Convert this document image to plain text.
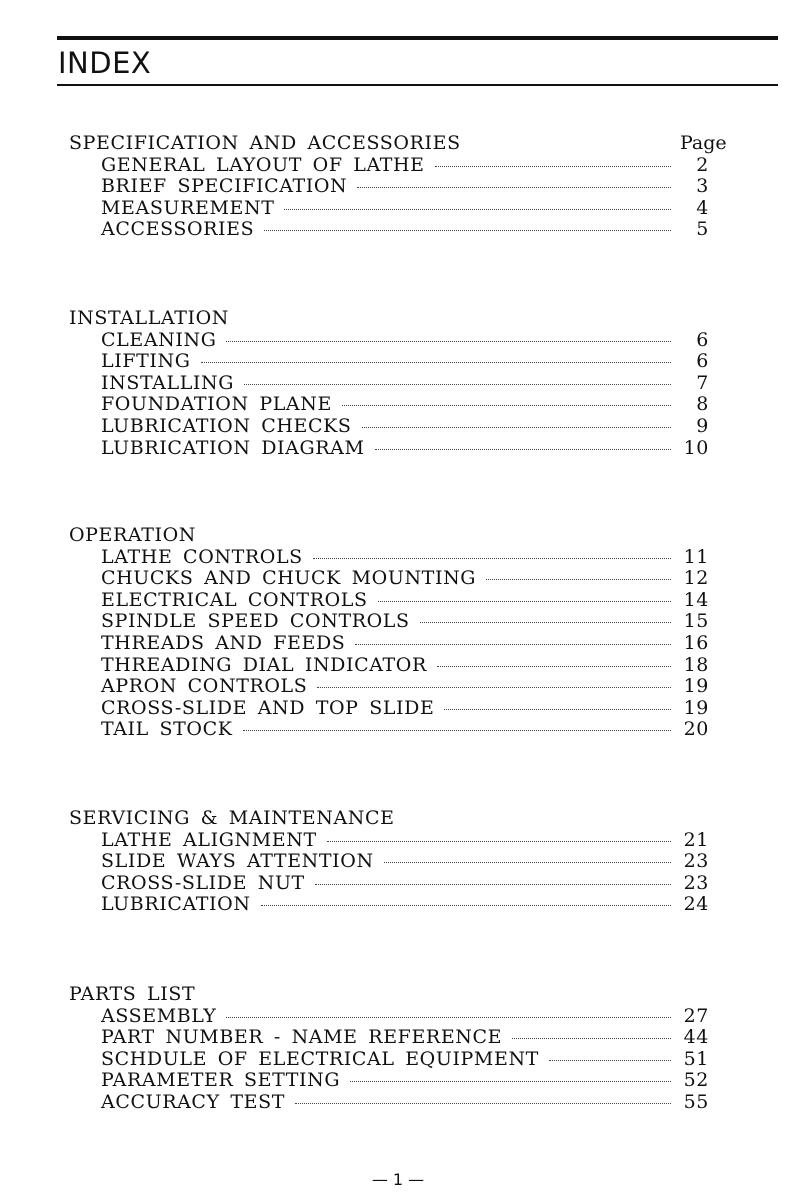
INDEX
SPECIFICATION AND ACCESSORIES	Page
GENERAL LAYOUT OF LATHE	2
BRIEF SPECIFICATION	3
MEASUREMENT	4
ACCESSORIES	5
INSTALLATION
CLEANING	6
LIFTING	6
INSTALLING	7
FOUNDATION PLANE	8
LUBRICATION CHECKS	9
LUBRICATION DIAGRAM	10
OPERATION
LATHE CONTROLS	11
CHUCKS AND CHUCK MOUNTING	12
ELECTRICAL CONTROLS	14
SPINDLE SPEED CONTROLS	15
THREADS AND FEEDS	16
THREADING DIAL INDICATOR	18
APRON CONTROLS	19
CROSS-SLIDE AND TOP SLIDE	19
TAIL STOCK	20
SERVICING & MAINTENANCE
LATHE ALIGNMENT	21
SLIDE WAYS ATTENTION	23
CROSS-SLIDE NUT	23
LUBRICATION	24
PARTS LIST
ASSEMBLY	27
PART NUMBER - NAME REFERENCE	44
SCHDULE OF ELECTRICAL EQUIPMENT	51
PARAMETER SETTING	52
ACCURACY TEST	55
— 1 —
